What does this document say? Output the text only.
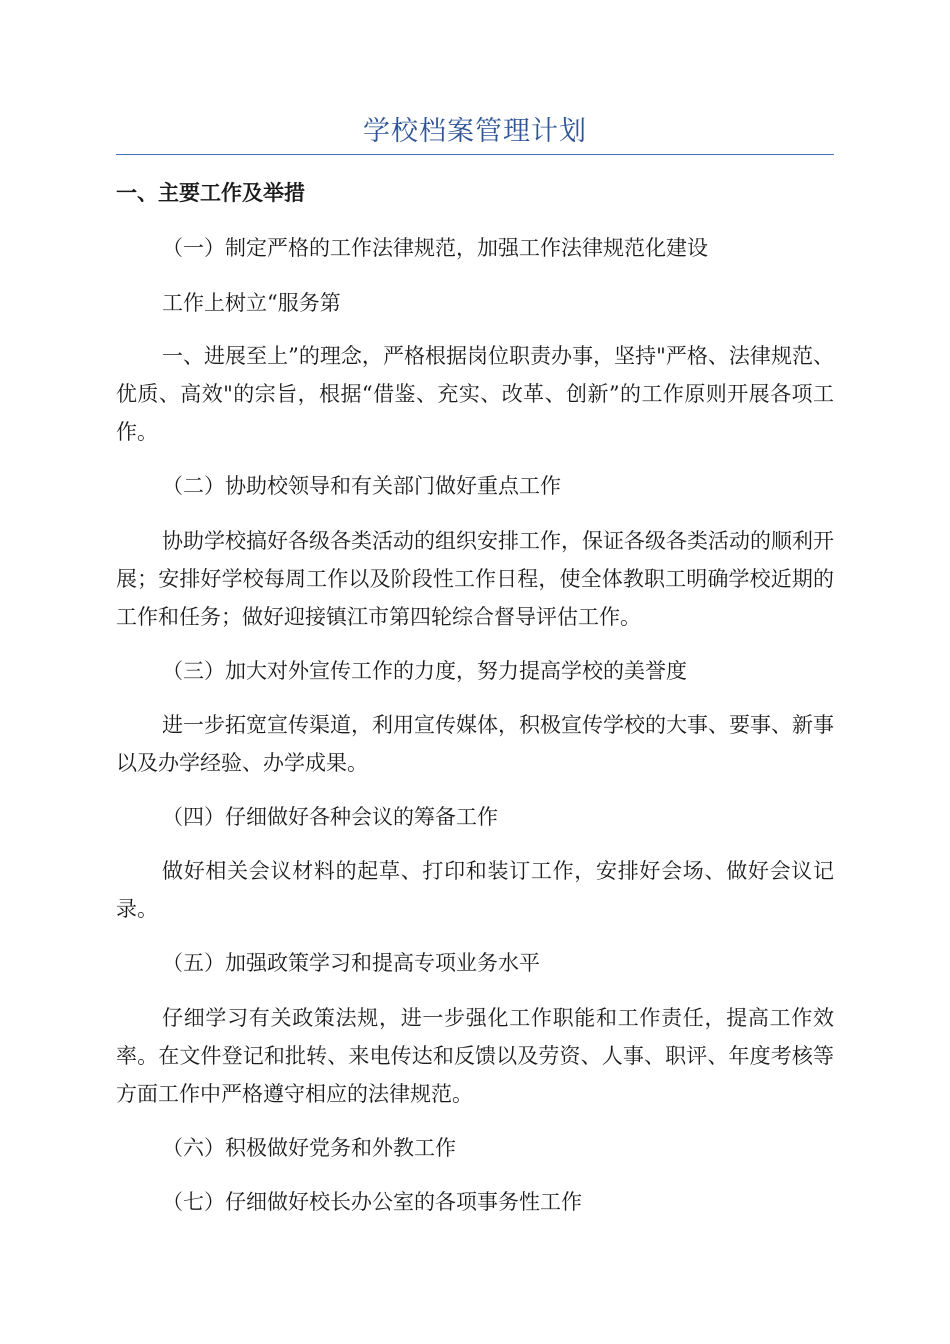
学校档案管理计划
一、主要工作及举措
（一）制定严格的工作法律规范，加强工作法律规范化建设
工作上树立“服务第
一、进展至上”的理念，严格根据岗位职责办事，坚持"严格、法律规范、优质、高效"的宗旨，根据“借鉴、充实、改革、创新”的工作原则开展各项工作。
（二）协助校领导和有关部门做好重点工作
协助学校搞好各级各类活动的组织安排工作，保证各级各类活动的顺利开展；安排好学校每周工作以及阶段性工作日程，使全体教职工明确学校近期的工作和任务；做好迎接镇江市第四轮综合督导评估工作。
（三）加大对外宣传工作的力度，努力提高学校的美誉度
进一步拓宽宣传渠道，利用宣传媒体，积极宣传学校的大事、要事、新事以及办学经验、办学成果。
（四）仔细做好各种会议的筹备工作
做好相关会议材料的起草、打印和装订工作，安排好会场、做好会议记录。
（五）加强政策学习和提高专项业务水平
仔细学习有关政策法规，进一步强化工作职能和工作责任，提高工作效率。在文件登记和批转、来电传达和反馈以及劳资、人事、职评、年度考核等方面工作中严格遵守相应的法律规范。
（六）积极做好党务和外教工作
（七）仔细做好校长办公室的各项事务性工作
